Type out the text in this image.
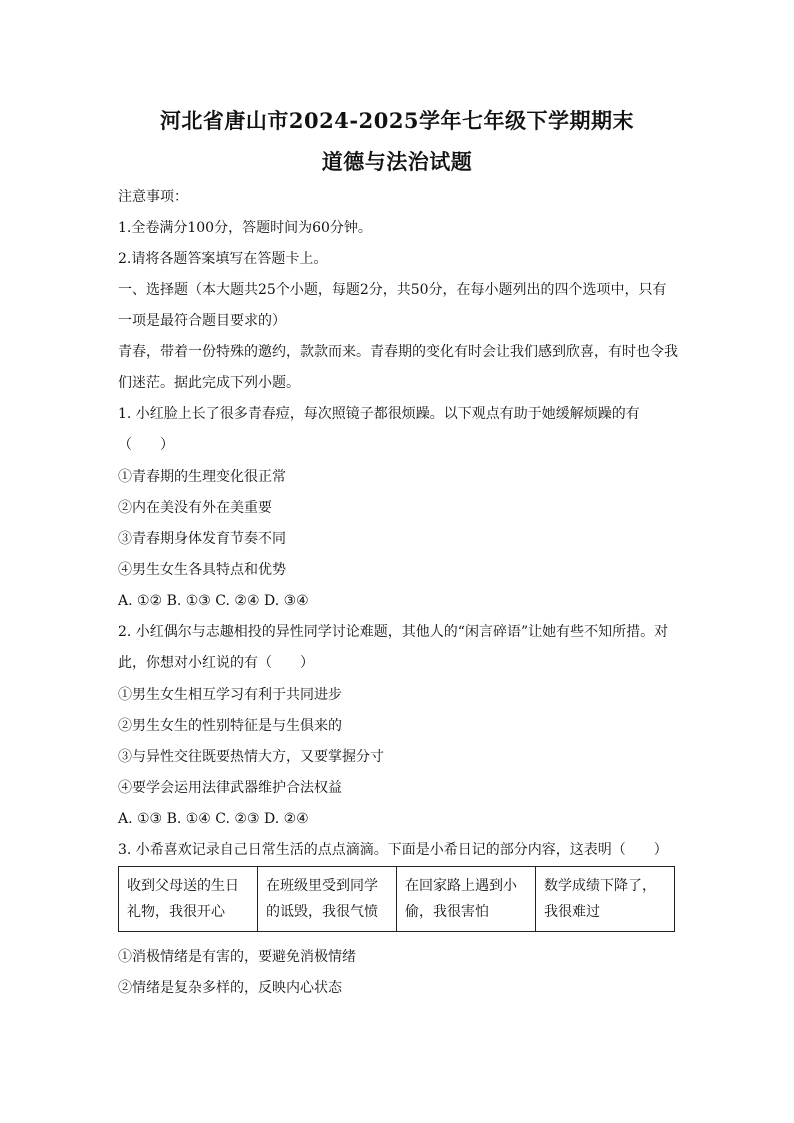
河北省唐山市2024-2025学年七年级下学期期末
道德与法治试题
注意事项：
1.全卷满分100分，答题时间为60分钟。
2.请将各题答案填写在答题卡上。
一、选择题（本大题共25个小题，每题2分，共50分，在每小题列出的四个选项中，只有
一项是最符合题目要求的）
青春，带着一份特殊的邀约，款款而来。青春期的变化有时会让我们感到欣喜，有时也令我
们迷茫。据此完成下列小题。
1. 小红脸上长了很多青春痘，每次照镜子都很烦躁。以下观点有助于她缓解烦躁的有
（　　）
①青春期的生理变化很正常
②内在美没有外在美重要
③青春期身体发育节奏不同
④男生女生各具特点和优势
A. ①② B. ①③ C. ②④ D. ③④
2. 小红偶尔与志趣相投的异性同学讨论难题，其他人的“闲言碎语”让她有些不知所措。对
此，你想对小红说的有（　　）
①男生女生相互学习有利于共同进步
②男生女生的性别特征是与生俱来的
③与异性交往既要热情大方，又要掌握分寸
④要学会运用法律武器维护合法权益
A. ①③ B. ①④ C. ②③ D. ②④
3. 小希喜欢记录自己日常生活的点点滴滴。下面是小希日记的部分内容，这表明（　　）
收到父母送的生日礼物，我很开心	在班级里受到同学的诋毁，我很气愤	在回家路上遇到小偷，我很害怕	数学成绩下降了，我很难过
①消极情绪是有害的，要避免消极情绪
②情绪是复杂多样的，反映内心状态
